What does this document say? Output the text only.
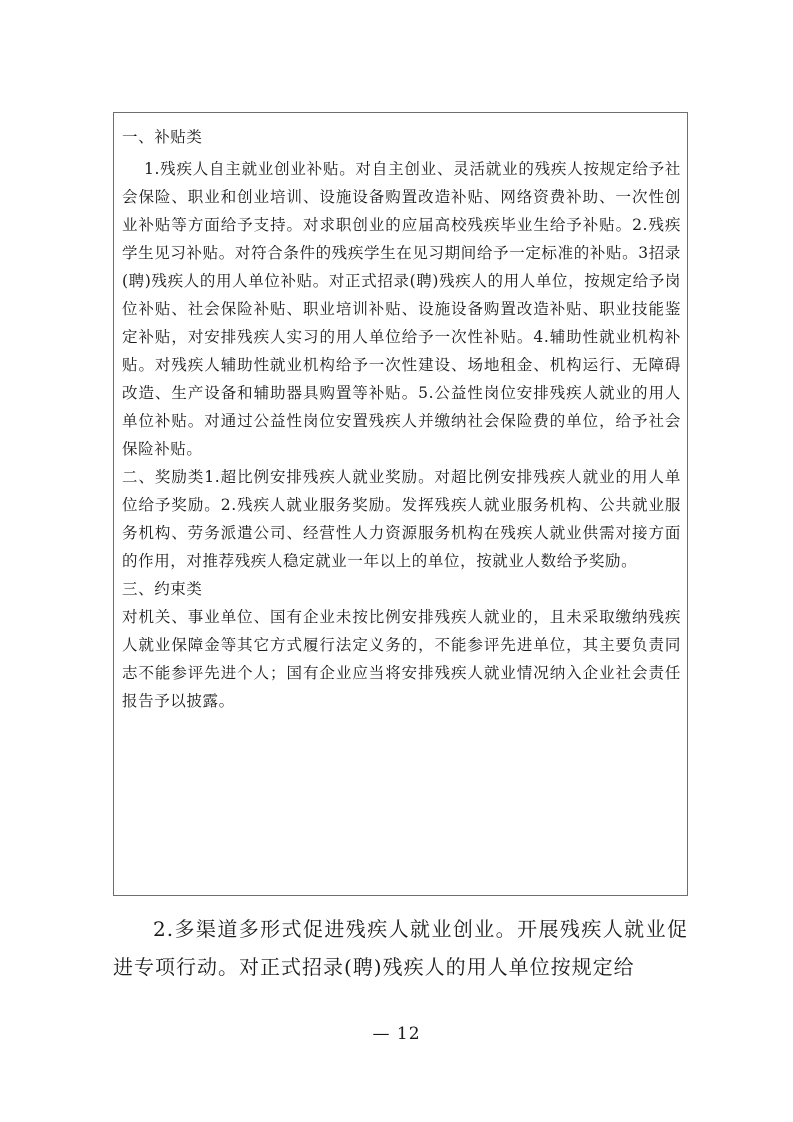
一、补贴类

1.残疾人自主就业创业补贴。对自主创业、灵活就业的残疾人按规定给予社会保险、职业和创业培训、设施设备购置改造补贴、网络资费补助、一次性创业补贴等方面给予支持。对求职创业的应届高校残疾毕业生给予补贴。2.残疾学生见习补贴。对符合条件的残疾学生在见习期间给予一定标准的补贴。3招录(聘)残疾人的用人单位补贴。对正式招录(聘)残疾人的用人单位，按规定给予岗位补贴、社会保险补贴、职业培训补贴、设施设备购置改造补贴、职业技能鉴定补贴，对安排残疾人实习的用人单位给予一次性补贴。4.辅助性就业机构补贴。对残疾人辅助性就业机构给予一次性建设、场地租金、机构运行、无障碍改造、生产设备和辅助器具购置等补贴。5.公益性岗位安排残疾人就业的用人单位补贴。对通过公益性岗位安置残疾人并缴纳社会保险费的单位，给予社会保险补贴。

二、奖励类1.超比例安排残疾人就业奖励。对超比例安排残疾人就业的用人单位给予奖励。2.残疾人就业服务奖励。发挥残疾人就业服务机构、公共就业服务机构、劳务派遣公司、经营性人力资源服务机构在残疾人就业供需对接方面的作用，对推荐残疾人稳定就业一年以上的单位，按就业人数给予奖励。

三、约束类

对机关、事业单位、国有企业未按比例安排残疾人就业的，且未采取缴纳残疾人就业保障金等其它方式履行法定义务的，不能参评先进单位，其主要负责同志不能参评先进个人；国有企业应当将安排残疾人就业情况纳入企业社会责任报告予以披露。

2.多渠道多形式促进残疾人就业创业。开展残疾人就业促进专项行动。对正式招录(聘)残疾人的用人单位按规定给

— 12
